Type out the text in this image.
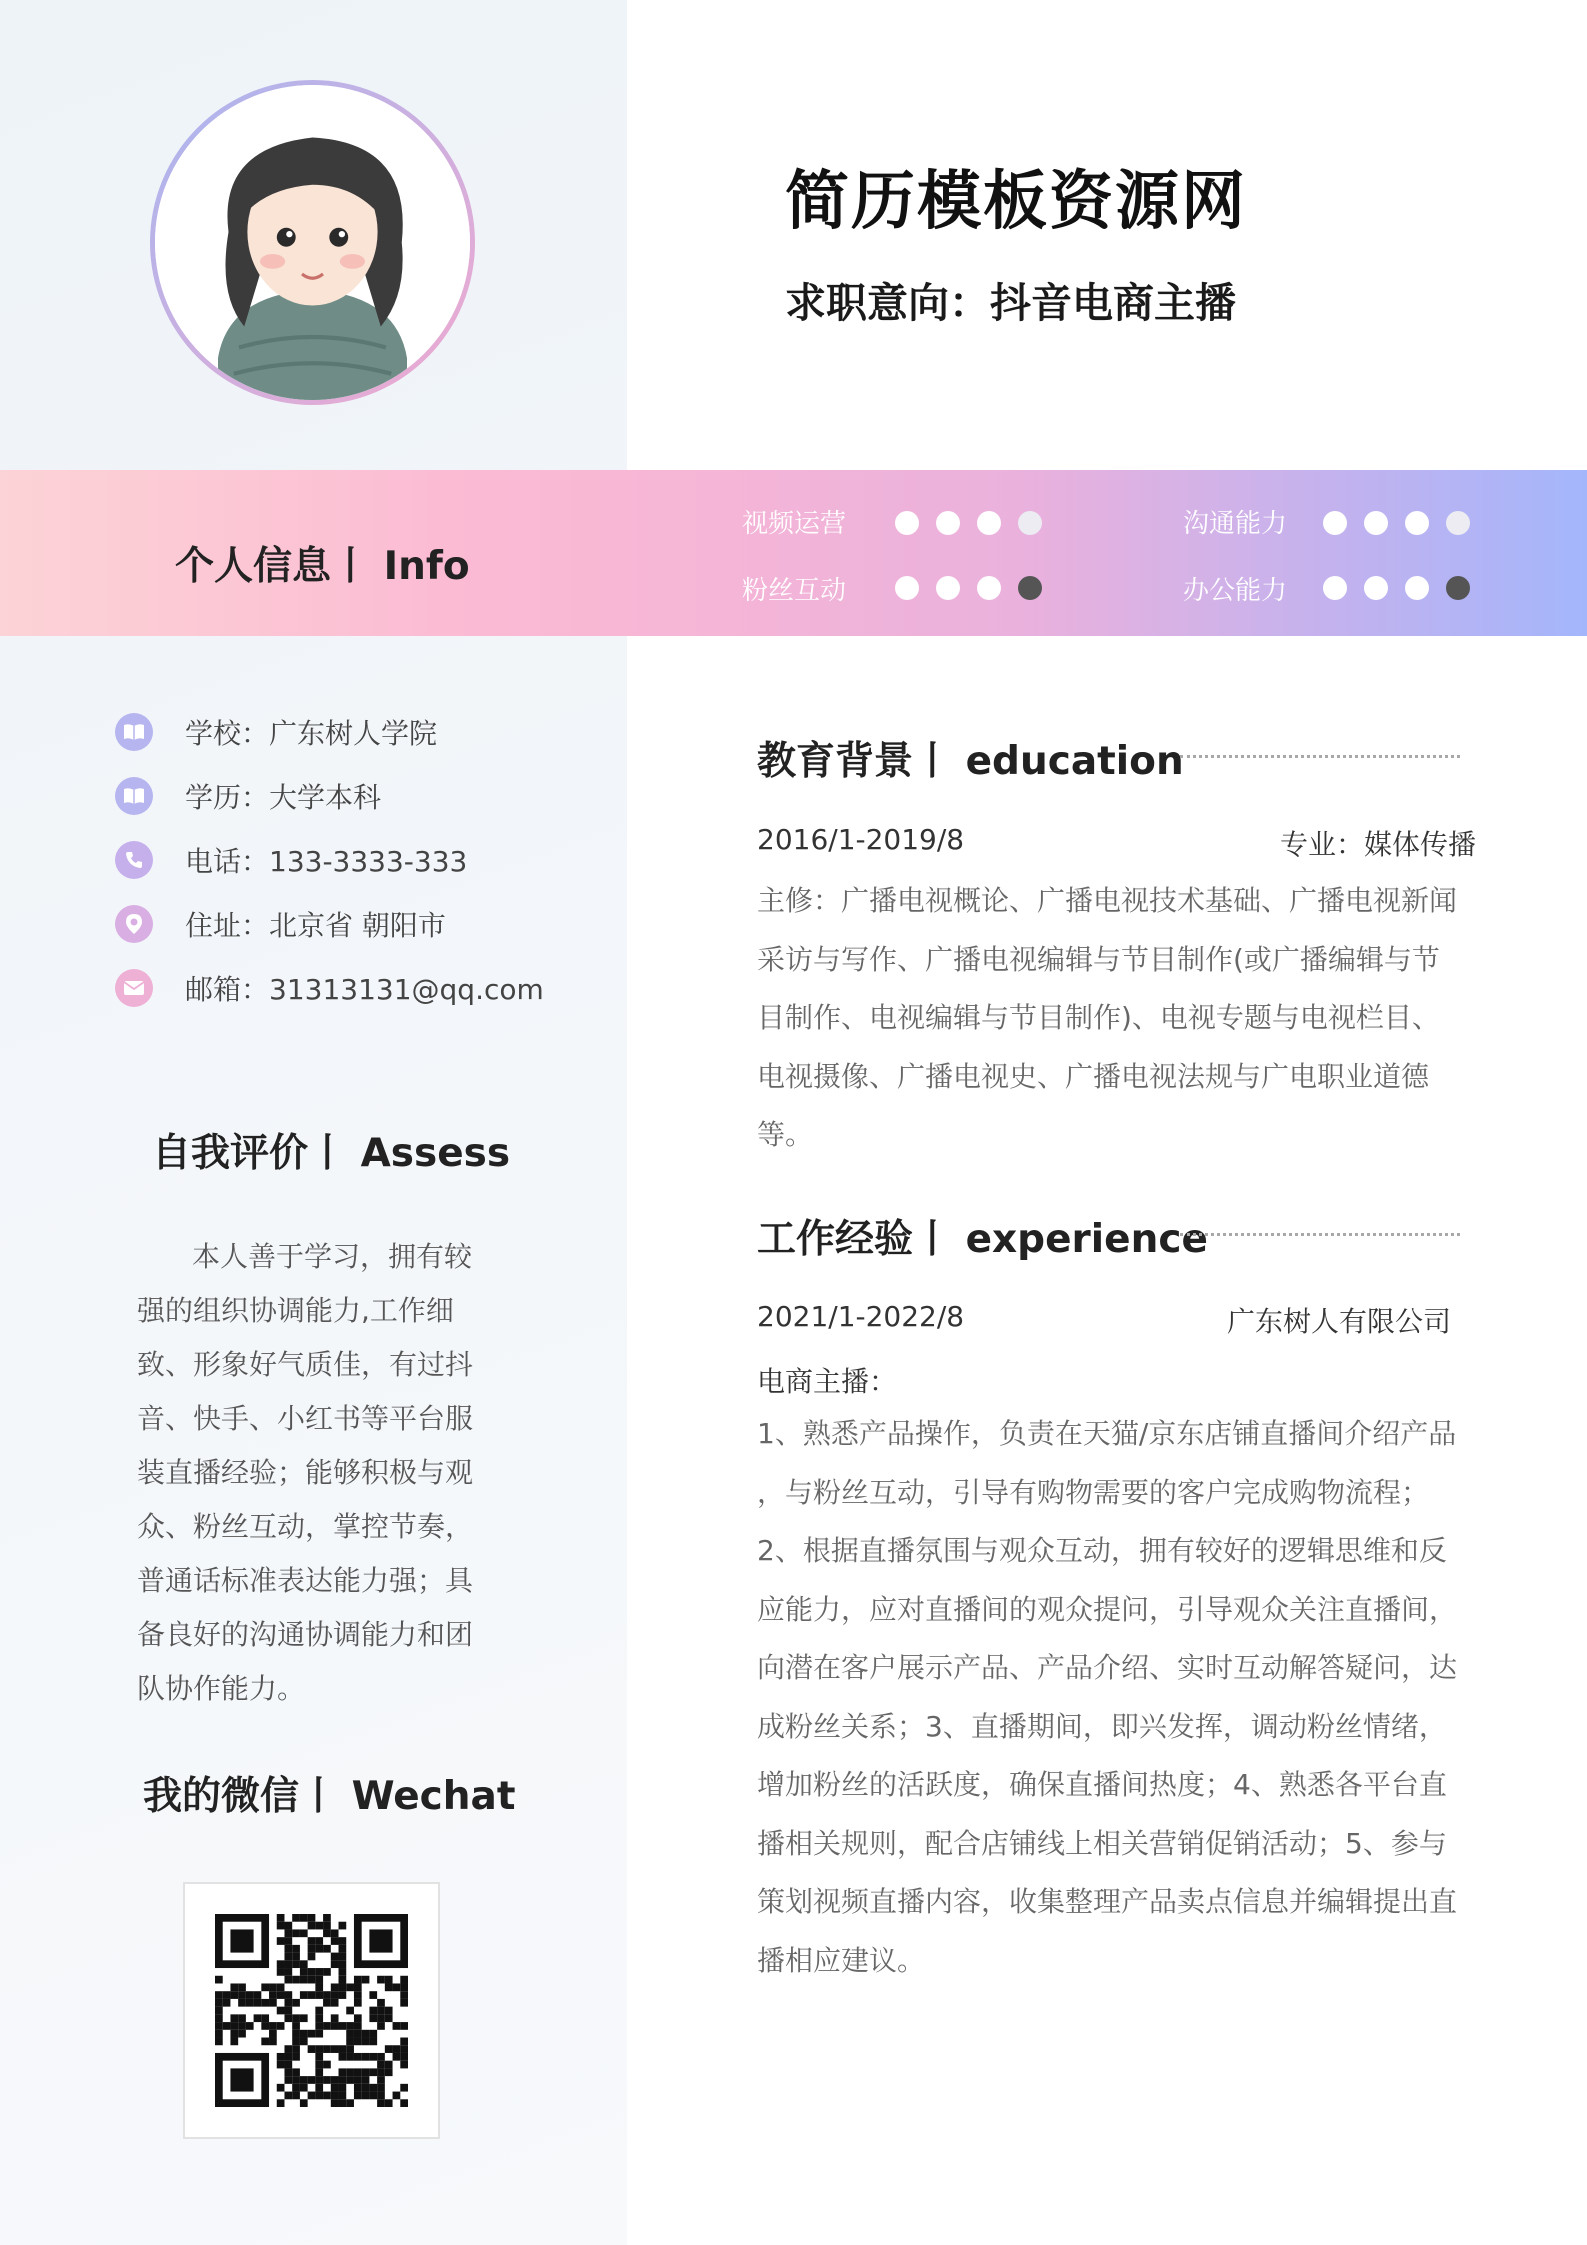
简历模板资源网
求职意向：抖音电商主播
个人信息丨 Info
视频运营	沟通能力
粉丝互动	办公能力
学校：广东树人学院
学历：大学本科
电话：133-3333-333
住址：北京省 朝阳市
邮箱：31313131@qq.com
自我评价丨 Assess
本人善于学习，拥有较强的组织协调能力,工作细致、形象好气质佳，有过抖音、快手、小红书等平台服装直播经验；能够积极与观众、粉丝互动，掌控节奏，普通话标准表达能力强；具备良好的沟通协调能力和团队协作能力。
我的微信丨 Wechat
教育背景丨 education
2016/1-2019/8	专业：媒体传播
主修：广播电视概论、广播电视技术基础、广播电视新闻采访与写作、广播电视编辑与节目制作(或广播编辑与节目制作、电视编辑与节目制作)、电视专题与电视栏目、电视摄像、广播电视史、广播电视法规与广电职业道德等。
工作经验丨 experience
2021/1-2022/8	广东树人有限公司
电商主播：
1、熟悉产品操作，负责在天猫/京东店铺直播间介绍产品 ，与粉丝互动，引导有购物需要的客户完成购物流程；2、根据直播氛围与观众互动，拥有较好的逻辑思维和反应能力，应对直播间的观众提问，引导观众关注直播间，向潜在客户展示产品、产品介绍、实时互动解答疑问，达成粉丝关系；3、直播期间，即兴发挥，调动粉丝情绪，增加粉丝的活跃度，确保直播间热度；4、熟悉各平台直播相关规则，配合店铺线上相关营销促销活动；5、参与策划视频直播内容，收集整理产品卖点信息并编辑提出直播相应建议。
